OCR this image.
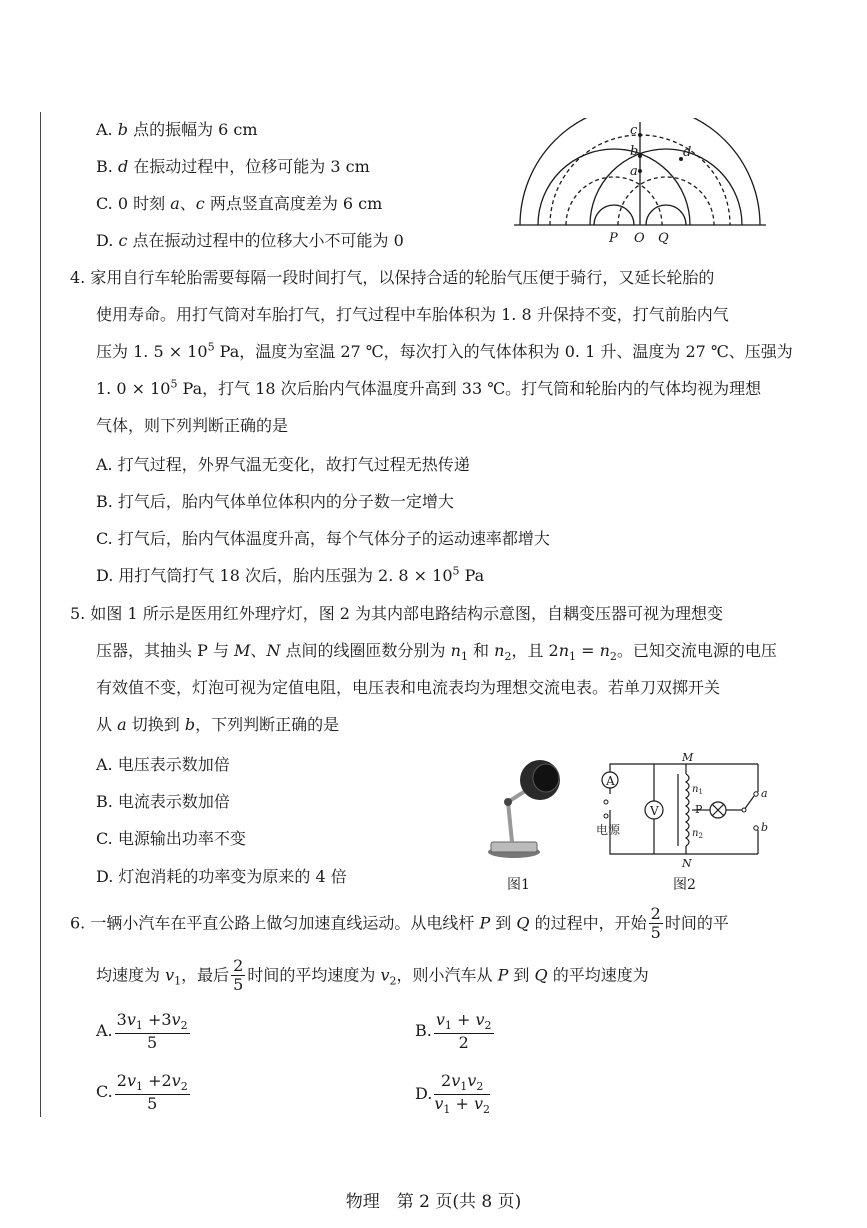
A. b 点的振幅为 6 cm
B. d 在振动过程中，位移可能为 3 cm
C. 0 时刻 a、c 两点竖直高度差为 6 cm
D. c 点在振动过程中的位移大小不可能为 0
c
b
a
d
P O Q
4. 家用自行车轮胎需要每隔一段时间打气，以保持合适的轮胎气压便于骑行，又延长轮胎的
使用寿命。用打气筒对车胎打气，打气过程中车胎体积为 1. 8 升保持不变，打气前胎内气
压为 1. $5 \times 10^5$ Pa，温度为室温 27 ℃，每次打入的气体体积为 0. 1 升、温度为 27 ℃、压强为
1. $0 \times 10^5$ Pa，打气 18 次后胎内气体温度升高到 33 ℃。打气筒和轮胎内的气体均视为理想
气体，则下列判断正确的是
A. 打气过程，外界气温无变化，故打气过程无热传递
B. 打气后，胎内气体单位体积内的分子数一定增大
C. 打气后，胎内气体温度升高，每个气体分子的运动速率都增大
D. 用打气筒打气 18 次后，胎内压强为 2. $8 \times 10^5$ Pa
5. 如图 1 所示是医用红外理疗灯，图 2 为其内部电路结构示意图，自耦变压器可视为理想变
压器，其抽头 P 与 M、N 点间的线圈匝数分别为 $n_1$ 和 $n_2$，且 $2n_1 = n_2$。已知交流电源的电压
有效值不变，灯泡可视为定值电阻，电压表和电流表均为理想交流电表。若单刀双掷开关
从 a 切换到 b，下列判断正确的是
A. 电压表示数加倍
B. 电流表示数加倍
C. 电源输出功率不变
D. 灯泡消耗的功率变为原来的 4 倍	图1
A
V
M
N
P
$n_1$
$n_2$
电源
a
b
图2
6. 一辆小汽车在平直公路上做匀加速直线运动。从电线杆 P 到 Q 的过程中，开始 $\frac{2}{5}$ 时间的平
均速度为 $v_1$，最后 $\frac{2}{5}$ 时间的平均速度为 $v_2$，则小汽车从 P 到 Q 的平均速度为
A. $\frac{3v_1 +3v_2}{5}$	B. $\frac{v_1 + v_2}{2}$
C. $\frac{2v_1 +2v_2}{5}$	D. $\frac{2v_1v_2}{v_1 + v_2}$
物理　第 2 页(共 8 页)
